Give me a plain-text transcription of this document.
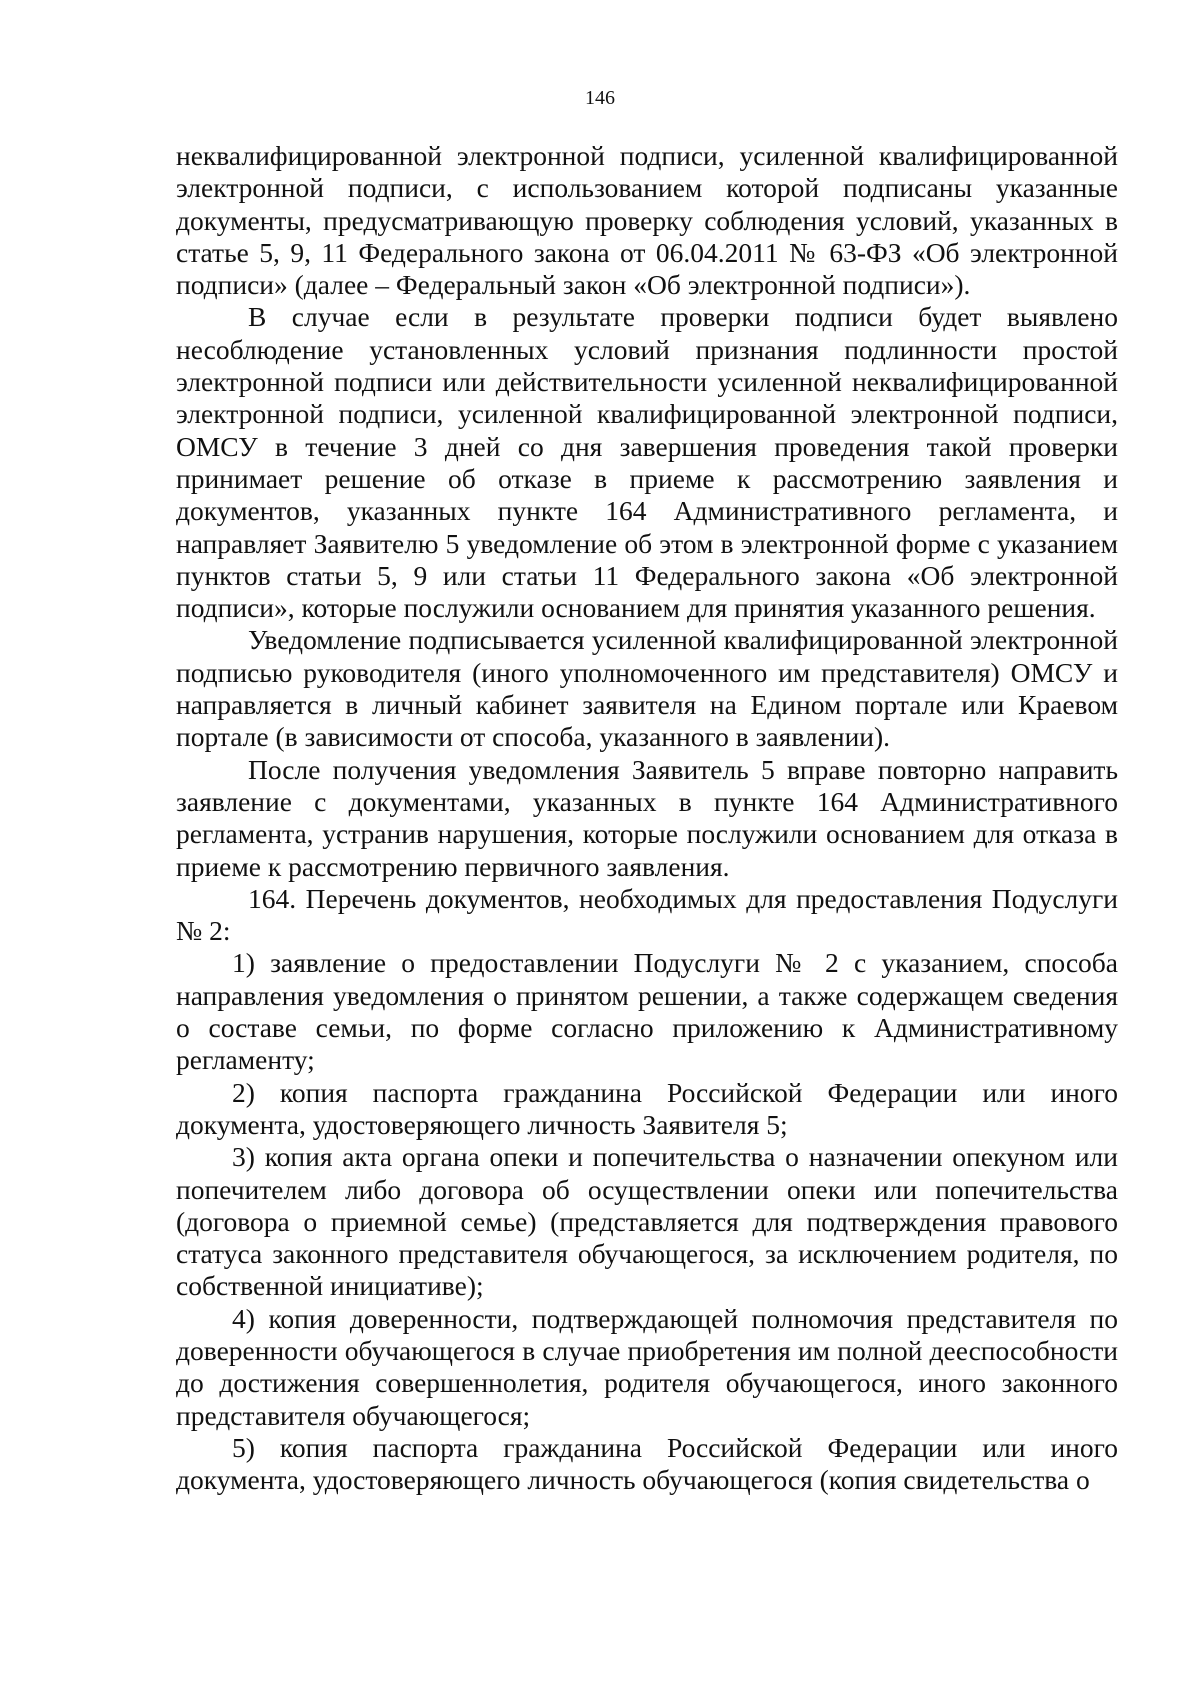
146

неквалифицированной электронной подписи, усиленной квалифицированной электронной подписи, с использованием которой подписаны указанные документы, предусматривающую проверку соблюдения условий, указанных в статье 5, 9, 11 Федерального закона от 06.04.2011 № 63-ФЗ «Об электронной подписи» (далее – Федеральный закон «Об электронной подписи»).

В случае если в результате проверки подписи будет выявлено несоблюдение установленных условий признания подлинности простой электронной подписи или действительности усиленной неквалифицированной электронной подписи, усиленной квалифицированной электронной подписи, ОМСУ в течение 3 дней со дня завершения проведения такой проверки принимает решение об отказе в приеме к рассмотрению заявления и документов, указанных пункте 164 Административного регламента, и направляет Заявителю 5 уведомление об этом в электронной форме с указанием пунктов статьи 5, 9 или статьи 11 Федерального закона «Об электронной подписи», которые послужили основанием для принятия указанного решения.

Уведомление подписывается усиленной квалифицированной электронной подписью руководителя (иного уполномоченного им представителя) ОМСУ и направляется в личный кабинет заявителя на Едином портале или Краевом портале (в зависимости от способа, указанного в заявлении).

После получения уведомления Заявитель 5 вправе повторно направить заявление с документами, указанных в пункте 164 Административного регламента, устранив нарушения, которые послужили основанием для отказа в приеме к рассмотрению первичного заявления.

164. Перечень документов, необходимых для предоставления Подуслуги № 2:

1) заявление о предоставлении Подуслуги № 2 с указанием, способа направления уведомления о принятом решении, а также содержащем сведения о составе семьи, по форме согласно приложению к Административному регламенту;

2) копия паспорта гражданина Российской Федерации или иного документа, удостоверяющего личность Заявителя 5;

3) копия акта органа опеки и попечительства о назначении опекуном или попечителем либо договора об осуществлении опеки или попечительства (договора о приемной семье) (представляется для подтверждения правового статуса законного представителя обучающегося, за исключением родителя, по собственной инициативе);

4) копия доверенности, подтверждающей полномочия представителя по доверенности обучающегося в случае приобретения им полной дееспособности до достижения совершеннолетия, родителя обучающегося, иного законного представителя обучающегося;

5) копия паспорта гражданина Российской Федерации или иного документа, удостоверяющего личность обучающегося (копия свидетельства о
